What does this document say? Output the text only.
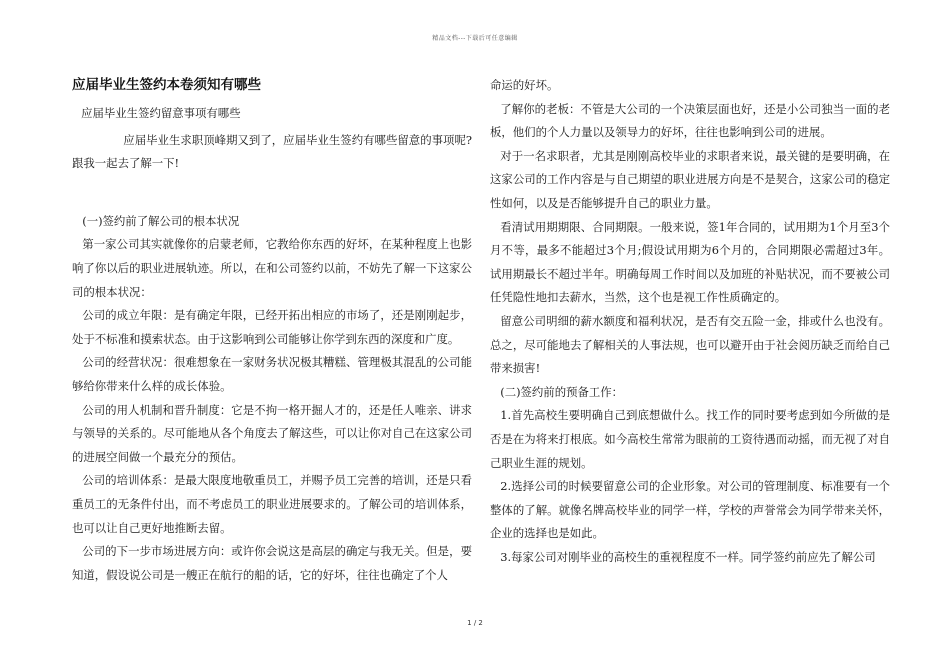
精品文档---下载后可任意编辑
应届毕业生签约本卷须知有哪些

应届毕业生签约留意事项有哪些

应届毕业生求职顶峰期又到了，应届毕业生签约有哪些留意的事项呢?跟我一起去了解一下!

(一)签约前了解公司的根本状况

第一家公司其实就像你的启蒙老师，它教给你东西的好坏，在某种程度上也影响了你以后的职业进展轨迹。所以，在和公司签约以前，不妨先了解一下这家公司的根本状况：

公司的成立年限：是有确定年限，已经开拓出相应的市场了，还是刚刚起步，处于不标准和摸索状态。由于这影响到公司能够让你学到东西的深度和广度。

公司的经营状况：很难想象在一家财务状况极其糟糕、管理极其混乱的公司能够给你带来什么样的成长体验。

公司的用人机制和晋升制度：它是不拘一格开掘人才的，还是任人唯亲、讲求与领导的关系的。尽可能地从各个角度去了解这些，可以让你对自己在这家公司的进展空间做一个最充分的预估。

公司的培训体系：是最大限度地敬重员工，并赐予员工完善的培训，还是只看重员工的无条件付出，而不考虑员工的职业进展要求的。了解公司的培训体系，也可以让自己更好地推断去留。

公司的下一步市场进展方向：或许你会说这是高层的确定与我无关。但是，要知道，假设说公司是一艘正在航行的船的话，它的好坏，往往也确定了个人

命运的好坏。

了解你的老板：不管是大公司的一个决策层面也好，还是小公司独当一面的老板，他们的个人力量以及领导力的好坏，往往也影响到公司的进展。

对于一名求职者，尤其是刚刚高校毕业的求职者来说，最关键的是要明确，在这家公司的工作内容是与自己期望的职业进展方向是不是契合，这家公司的稳定性如何，以及是否能够提升自己的职业力量。

看清试用期期限、合同期限。一般来说，签1年合同的，试用期为1个月至3个月不等，最多不能超过3个月;假设试用期为6个月的，合同期限必需超过3年。试用期最长不超过半年。明确每周工作时间以及加班的补贴状况，而不要被公司任凭隐性地扣去薪水，当然，这个也是视工作性质确定的。

留意公司明细的薪水额度和福利状况，是否有交五险一金，排或什么也没有。总之，尽可能地去了解相关的人事法规，也可以避开由于社会阅历缺乏而给自己带来损害!

(二)签约前的预备工作：

1.首先高校生要明确自己到底想做什么。找工作的同时要考虑到如今所做的是否是在为将来打根底。如今高校生常常为眼前的工资待遇而动摇，而无视了对自己职业生涯的规划。

2.选择公司的时候要留意公司的企业形象。对公司的管理制度、标准要有一个整体的了解。就像名牌高校毕业的同学一样，学校的声誉常会为同学带来关怀，企业的选择也是如此。

3.每家公司对刚毕业的高校生的重视程度不一样。同学签约前应先了解公司

1 / 2
